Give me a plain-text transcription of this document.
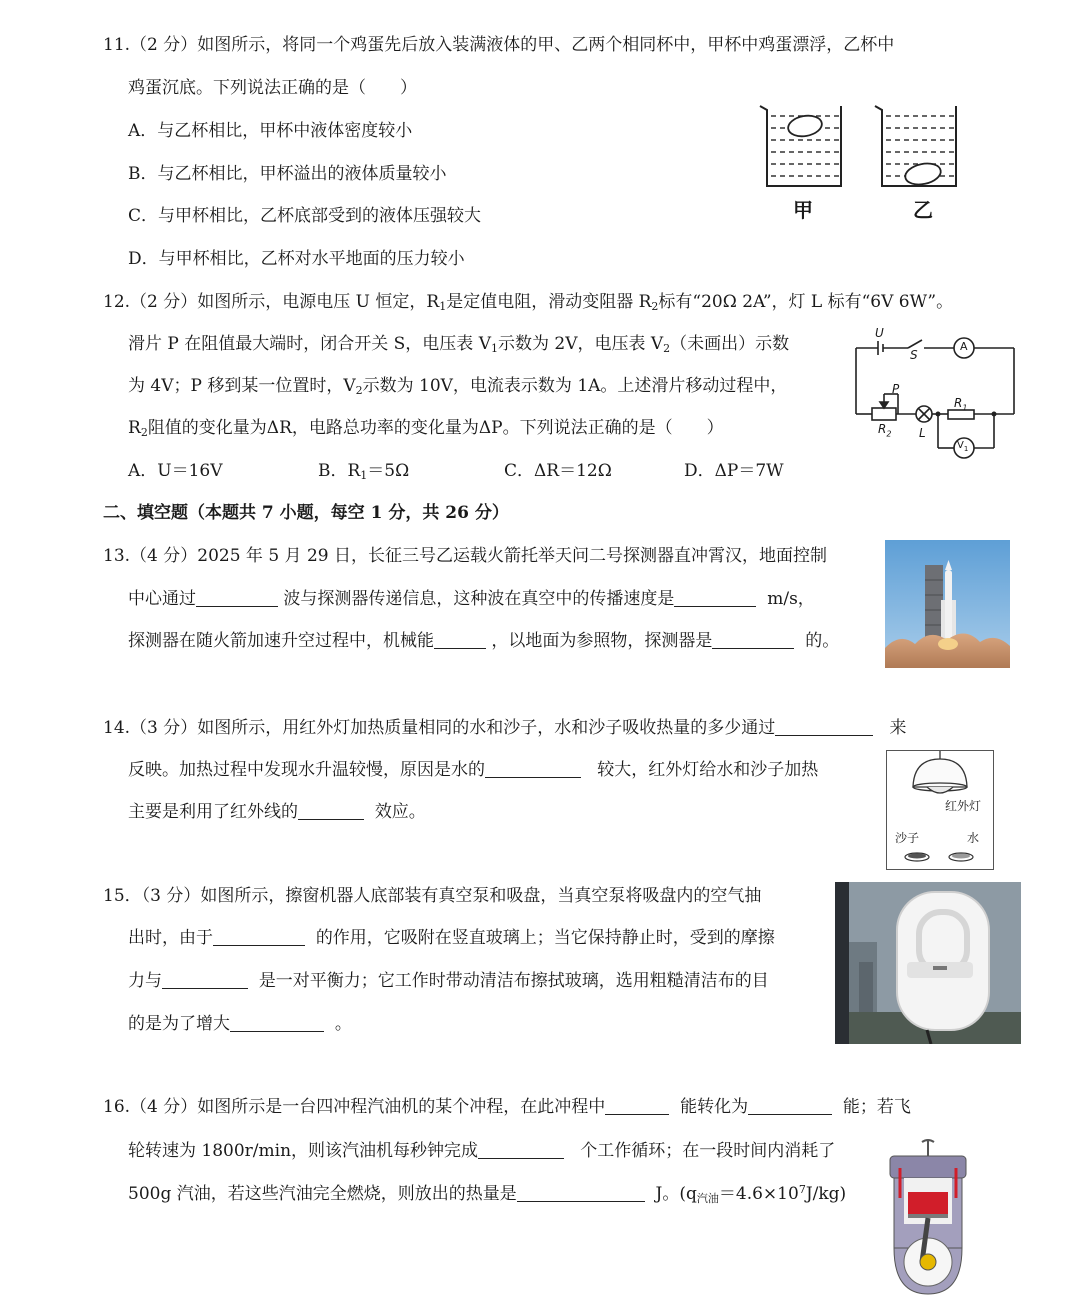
11.（2 分）如图所示，将同一个鸡蛋先后放入装满液体的甲、乙两个相同杯中，甲杯中鸡蛋漂浮，乙杯中
鸡蛋沉底。下列说法正确的是（　　）
A．与乙杯相比，甲杯中液体密度较小
B．与乙杯相比，甲杯溢出的液体质量较小
C．与甲杯相比，乙杯底部受到的液体压强较大
D．与甲杯相比，乙杯对水平地面的压力较小
甲	乙
12.（2 分）如图所示，电源电压 U 恒定，$R_1$是定值电阻，滑动变阻器 $R_2$标有“20Ω 2A”，灯 L 标有“6V 6W”。
滑片 P 在阻值最大端时，闭合开关 S，电压表 $V_1$示数为 2V，电压表 $V_2$（未画出）示数
为 4V；P 移到某一位置时，$V_2$示数为 10V，电流表示数为 1A。上述滑片移动过程中，
$R_2$阻值的变化量为ΔR，电路总功率的变化量为ΔP。下列说法正确的是（　　）
A．U＝16V	B．$R_1=5\Omega$	C．ΔR＝12Ω	D．ΔP＝7W
U
S
A
P
$R_1$
$R_2$ L
$V_1$
二、填空题（本题共 7 小题，每空 1 分，共 26 分）
13.（4 分）2025 年 5 月 29 日，长征三号乙运载火箭托举天问二号探测器直冲霄汉，地面控制
中心通过	波与探测器传递信息，这种波在真空中的传播速度是	m/s，
探测器在随火箭加速升空过程中，机械能	，以地面为参照物，探测器是	的。
14.（3 分）如图所示，用红外灯加热质量相同的水和沙子，水和沙子吸收热量的多少通过	来
反映。加热过程中发现水升温较慢，原因是水的	较大，红外灯给水和沙子加热
主要是利用了红外线的	效应。	红外灯
沙子	水
15．（3 分）如图所示，擦窗机器人底部装有真空泵和吸盘，当真空泵将吸盘内的空气抽
出时，由于	的作用，它吸附在竖直玻璃上；当它保持静止时，受到的摩擦
力与	是一对平衡力；它工作时带动清洁布擦拭玻璃，选用粗糙清洁布的目
的是为了增大	。
16.（4 分）如图所示是一台四冲程汽油机的某个冲程，在此冲程中	能转化为	能；若飞
轮转速为 1800r/min，则该汽油机每秒钟完成	个工作循环；在一段时间内消耗了
500g 汽油，若这些汽油完全燃烧，则放出的热量是	J。$(q_{汽油}=4.6\times 10^7J/kg)$
